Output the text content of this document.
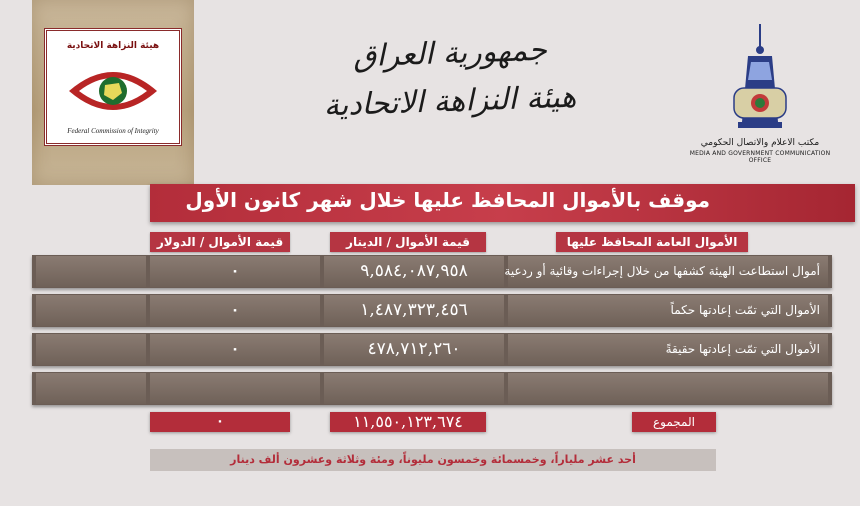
هيئة النزاهة الاتحادية
Federal Commission of Integrity
جمهورية العراق
هيئة النزاهة الاتحادية
مكتب الاعلام والاتصال الحكومي
MEDIA AND GOVERNMENT COMMUNICATION OFFICE
موقف بالأموال المحافظ عليها خلال شهر كانون الأول
الأموال العامة المحافظ عليها
قيمة الأموال / الدينار
قيمة الأموال / الدولار
أموال استطاعت الهيئة كشفها من خلال إجراءات وقائية أو ردعية
٩,٥٨٤,٠٨٧,٩٥٨
٠
الأموال التي تمّت إعادتها حكماً
١,٤٨٧,٣٢٣,٤٥٦
٠
الأموال التي تمّت إعادتها حقيقةً
٤٧٨,٧١٢,٢٦٠
٠
المجموع
١١,٥٥٠,١٢٣,٦٧٤
٠
أحد عشر ملياراً، وخمسمائة وخمسون مليوناً، ومئة وثلاثة وعشرون ألف دينار
